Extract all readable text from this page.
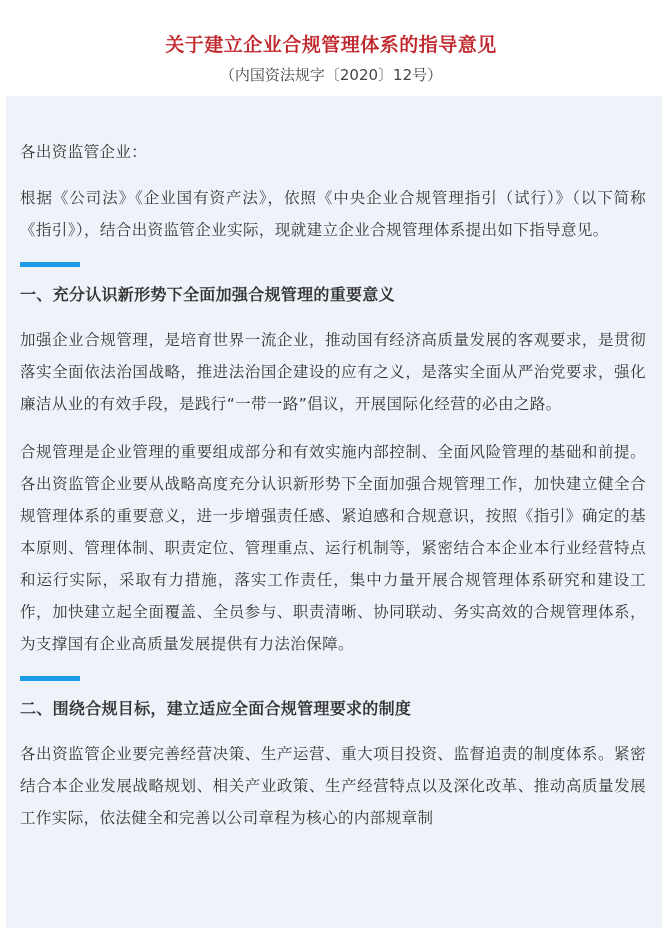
关于建立企业合规管理体系的指导意见
（内国资法规字〔2020〕12号）

各出资监管企业：

根据《公司法》《企业国有资产法》，依照《中央企业合规管理指引（试行）》（以下简称《指引》），结合出资监管企业实际，现就建立企业合规管理体系提出如下指导意见。

一、充分认识新形势下全面加强合规管理的重要意义

加强企业合规管理，是培育世界一流企业，推动国有经济高质量发展的客观要求，是贯彻落实全面依法治国战略，推进法治国企建设的应有之义，是落实全面从严治党要求，强化廉洁从业的有效手段，是践行“一带一路”倡议，开展国际化经营的必由之路。

合规管理是企业管理的重要组成部分和有效实施内部控制、全面风险管理的基础和前提。各出资监管企业要从战略高度充分认识新形势下全面加强合规管理工作，加快建立健全合规管理体系的重要意义，进一步增强责任感、紧迫感和合规意识，按照《指引》确定的基本原则、管理体制、职责定位、管理重点、运行机制等，紧密结合本企业本行业经营特点和运行实际，采取有力措施，落实工作责任，集中力量开展合规管理体系研究和建设工作，加快建立起全面覆盖、全员参与、职责清晰、协同联动、务实高效的合规管理体系，为支撑国有企业高质量发展提供有力法治保障。

二、围绕合规目标，建立适应全面合规管理要求的制度

各出资监管企业要完善经营决策、生产运营、重大项目投资、监督追责的制度体系。紧密结合本企业发展战略规划、相关产业政策、生产经营特点以及深化改革、推动高质量发展工作实际，依法健全和完善以公司章程为核心的内部规章制
